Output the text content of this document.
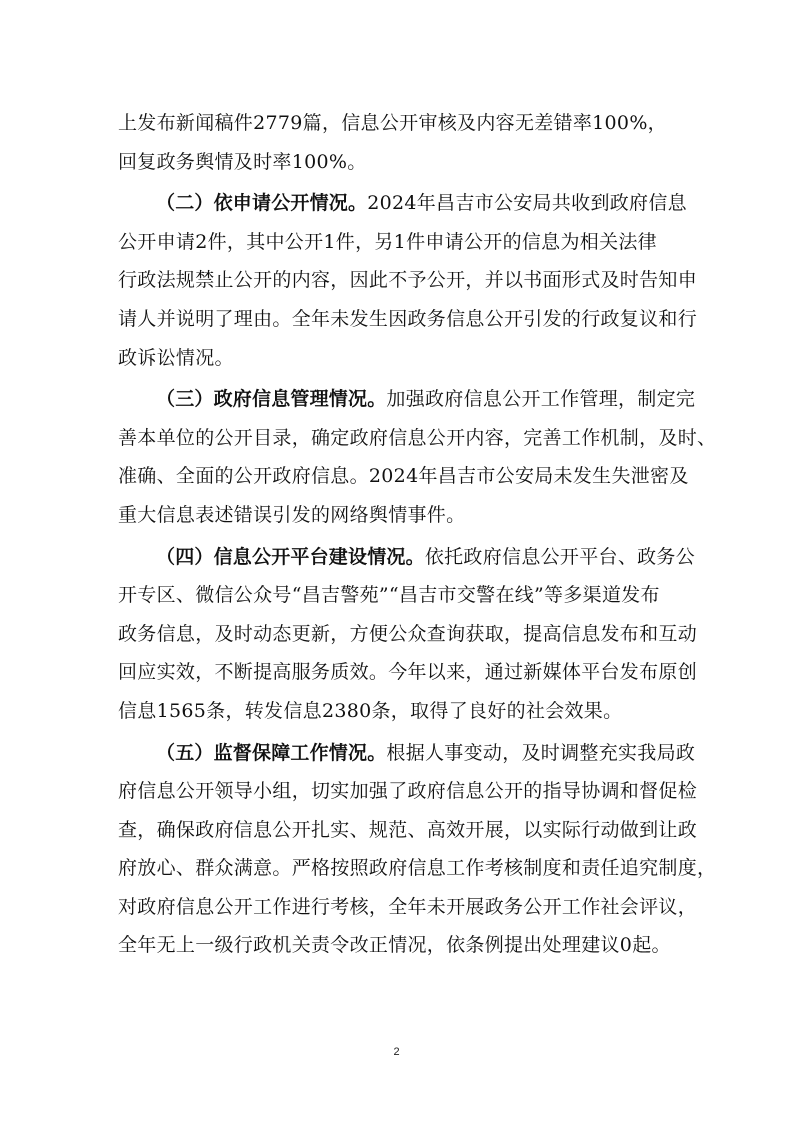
上发布新闻稿件2779篇，信息公开审核及内容无差错率100%，
回复政务舆情及时率100%。
（二）依申请公开情况。2024年昌吉市公安局共收到政府信息
公开申请2件，其中公开1件，另1件申请公开的信息为相关法律
行政法规禁止公开的内容，因此不予公开，并以书面形式及时告知申
请人并说明了理由。全年未发生因政务信息公开引发的行政复议和行
政诉讼情况。
（三）政府信息管理情况。加强政府信息公开工作管理，制定完
善本单位的公开目录，确定政府信息公开内容，完善工作机制，及时、
准确、全面的公开政府信息。2024年昌吉市公安局未发生失泄密及
重大信息表述错误引发的网络舆情事件。
（四）信息公开平台建设情况。依托政府信息公开平台、政务公
开专区、微信公众号“昌吉警苑”“昌吉市交警在线”等多渠道发布
政务信息，及时动态更新，方便公众查询获取，提高信息发布和互动
回应实效，不断提高服务质效。今年以来，通过新媒体平台发布原创
信息1565条，转发信息2380条，取得了良好的社会效果。
（五）监督保障工作情况。根据人事变动，及时调整充实我局政
府信息公开领导小组，切实加强了政府信息公开的指导协调和督促检
查，确保政府信息公开扎实、规范、高效开展，以实际行动做到让政
府放心、群众满意。严格按照政府信息工作考核制度和责任追究制度，
对政府信息公开工作进行考核，全年未开展政务公开工作社会评议，
全年无上一级行政机关责令改正情况，依条例提出处理建议0起。
2
